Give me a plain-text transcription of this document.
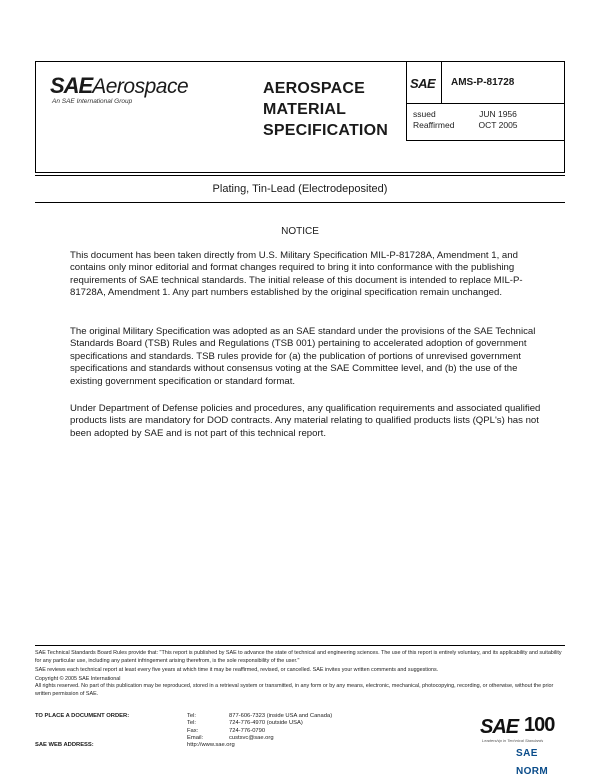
SAEAerospace
An SAE International Group
AEROSPACE
MATERIAL
SPECIFICATION
SAE AMS-P-81728
ssued	JUN 1956
Reaffirmed	OCT 2005
Plating, Tin-Lead (Electrodeposited)
NOTICE

This document has been taken directly from U.S. Military Specification MIL-P-81728A, Amendment 1, and contains only minor editorial and format changes required to bring it into conformance with the publishing requirements of SAE technical standards. The initial release of this document is intended to replace MIL-P-81728A, Amendment 1. Any part numbers established by the original specification remain unchanged.

The original Military Specification was adopted as an SAE standard under the provisions of the SAE Technical Standards Board (TSB) Rules and Regulations (TSB 001) pertaining to accelerated adoption of government specifications and standards. TSB rules provide for (a) the publication of portions of unrevised government specifications and standards without consensus voting at the SAE Committee level, and (b) the use of the existing government specification or standard format.

Under Department of Defense policies and procedures, any qualification requirements and associated qualified products lists are mandatory for DOD contracts. Any material relating to qualified products lists (QPL's) has not been adopted by SAE and is not part of this technical report.

SAE Technical Standards Board Rules provide that: "This report is published by SAE to advance the state of technical and engineering sciences. The use of this report is entirely voluntary, and its applicability and suitability for any particular use, including any patent infringement arising therefrom, is the sole responsibility of the user."

SAE reviews each technical report at least every five years at which time it may be reaffirmed, revised, or cancelled. SAE invites your written comments and suggestions.

Copyright © 2005 SAE International

All rights reserved. No part of this publication may be reproduced, stored in a retrieval system or transmitted, in any form or by any means, electronic, mechanical, photocopying, recording, or otherwise, without the prior written permission of SAE.

TO PLACE A DOCUMENT ORDER:	Tel:	877-606-7323 (inside USA and Canada)
Tel:	724-776-4970 (outside USA)
Fax:	724-776-0790
Email:	custsvc@sae.org
SAE WEB ADDRESS:	http://www.sae.org
SAE 100
Leadership in Technical Standards
SAE NORM
